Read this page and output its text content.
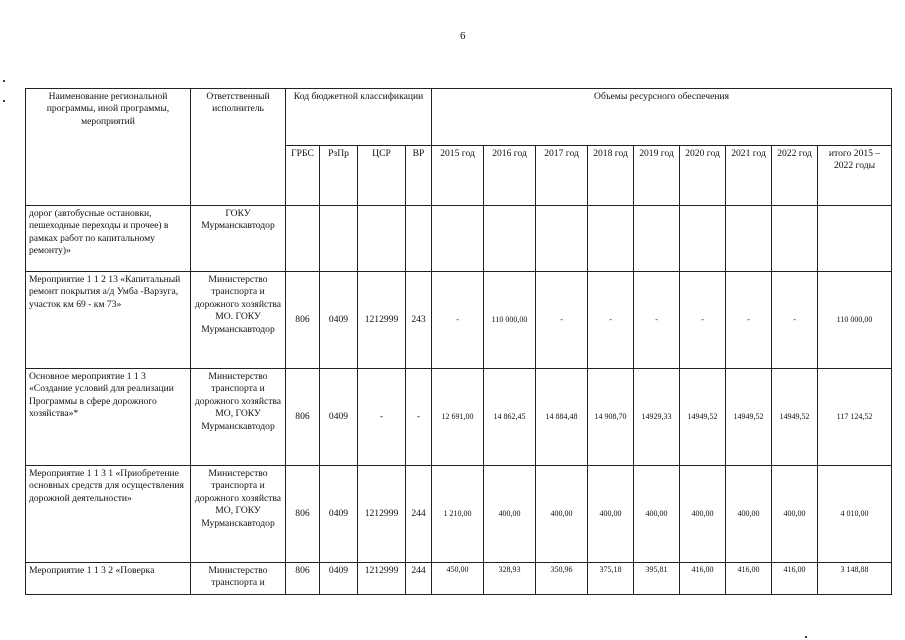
6
Наименование региональной программы, иной программы, мероприятий	Ответственный исполнитель	Код бюджетной классификации				Объемы ресурсного обеспечения								
		ГРБС	РзПр	ЦСР	ВР	2015 год	2016 год	2017 год	2018 год	2019 год	2020 год	2021 год	2022 год	итого 2015 – 2022 годы
дорог (автобусные остановки, пешеходные переходы и прочее) в рамках работ по капитальному ремонту)»	ГОКУ Мурманскавтодор													
Мероприятие 1 1 2 13 «Капитальный ремонт покрытия а/д Умба -Варзуга, участок км 69 - км 73»	Министерство транспорта и дорожного хозяйства МО. ГОКУ Мурманскавтодор	806	0409	1212999	243	-	110 000,00	-	-	-	-	-	-	110 000,00
Основное мероприятие 1 1 3 «Создание условий для реализации Программы в сфере дорожного хозяйства»*	Министерство транспорта и дорожного хозяйства МО, ГОКУ Мурманскавтодор	806	0409	-	-	12 691,00	14 862,45	14 884,48	14 908,70	14929,33	14949,52	14949,52	14949,52	117 124,52
Мероприятие 1 1 3 1 «Приобретение основных средств для осуществления дорожной деятельности»	Министерство транспорта и дорожного хозяйства МО, ГОКУ Мурманскавтодор	806	0409	1212999	244	1 210,00	400,00	400,00	400,00	400,00	400,00	400,00	400,00	4 010,00
Мероприятие 1 1 3 2 «Поверка	Министерство транспорта и	806	0409	1212999	244	450,00	328,93	350,96	375,18	395,81	416,00	416,00	416,00	3 148,88
